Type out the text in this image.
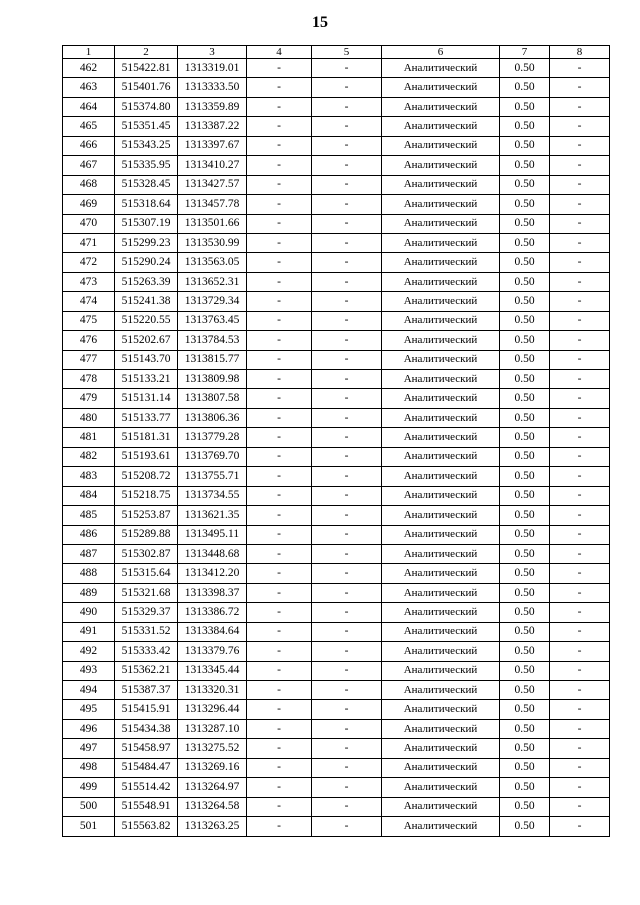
15
1	2	3	4	5	6	7	8
462	515422.81	1313319.01	-	-	Аналитический	0.50	-
463	515401.76	1313333.50	-	-	Аналитический	0.50	-
464	515374.80	1313359.89	-	-	Аналитический	0.50	-
465	515351.45	1313387.22	-	-	Аналитический	0.50	-
466	515343.25	1313397.67	-	-	Аналитический	0.50	-
467	515335.95	1313410.27	-	-	Аналитический	0.50	-
468	515328.45	1313427.57	-	-	Аналитический	0.50	-
469	515318.64	1313457.78	-	-	Аналитический	0.50	-
470	515307.19	1313501.66	-	-	Аналитический	0.50	-
471	515299.23	1313530.99	-	-	Аналитический	0.50	-
472	515290.24	1313563.05	-	-	Аналитический	0.50	-
473	515263.39	1313652.31	-	-	Аналитический	0.50	-
474	515241.38	1313729.34	-	-	Аналитический	0.50	-
475	515220.55	1313763.45	-	-	Аналитический	0.50	-
476	515202.67	1313784.53	-	-	Аналитический	0.50	-
477	515143.70	1313815.77	-	-	Аналитический	0.50	-
478	515133.21	1313809.98	-	-	Аналитический	0.50	-
479	515131.14	1313807.58	-	-	Аналитический	0.50	-
480	515133.77	1313806.36	-	-	Аналитический	0.50	-
481	515181.31	1313779.28	-	-	Аналитический	0.50	-
482	515193.61	1313769.70	-	-	Аналитический	0.50	-
483	515208.72	1313755.71	-	-	Аналитический	0.50	-
484	515218.75	1313734.55	-	-	Аналитический	0.50	-
485	515253.87	1313621.35	-	-	Аналитический	0.50	-
486	515289.88	1313495.11	-	-	Аналитический	0.50	-
487	515302.87	1313448.68	-	-	Аналитический	0.50	-
488	515315.64	1313412.20	-	-	Аналитический	0.50	-
489	515321.68	1313398.37	-	-	Аналитический	0.50	-
490	515329.37	1313386.72	-	-	Аналитический	0.50	-
491	515331.52	1313384.64	-	-	Аналитический	0.50	-
492	515333.42	1313379.76	-	-	Аналитический	0.50	-
493	515362.21	1313345.44	-	-	Аналитический	0.50	-
494	515387.37	1313320.31	-	-	Аналитический	0.50	-
495	515415.91	1313296.44	-	-	Аналитический	0.50	-
496	515434.38	1313287.10	-	-	Аналитический	0.50	-
497	515458.97	1313275.52	-	-	Аналитический	0.50	-
498	515484.47	1313269.16	-	-	Аналитический	0.50	-
499	515514.42	1313264.97	-	-	Аналитический	0.50	-
500	515548.91	1313264.58	-	-	Аналитический	0.50	-
501	515563.82	1313263.25	-	-	Аналитический	0.50	-
